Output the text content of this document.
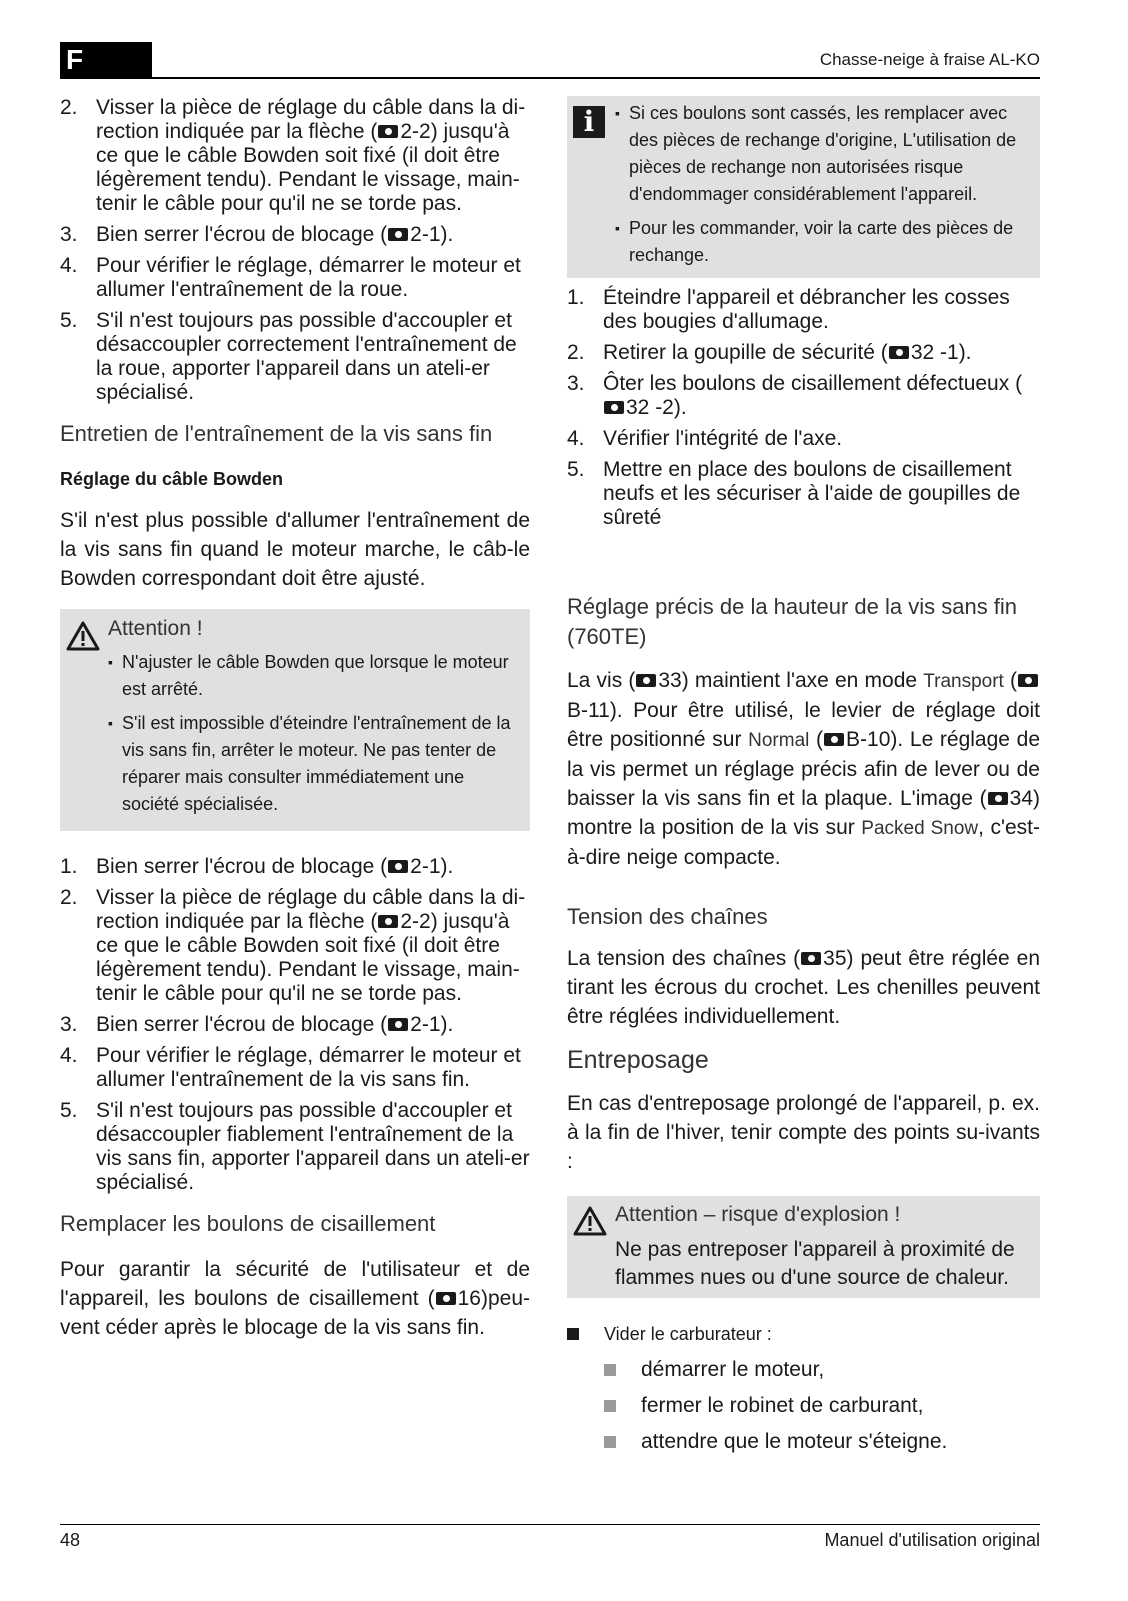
F	Chasse-neige à fraise AL-KO
2. Visser la pièce de réglage du câble dans la di-rection indiquée par la flèche ( 2-2) jusqu'à ce que le câble Bowden soit fixé (il doit être légèrement tendu). Pendant le vissage, main-tenir le câble pour qu'il ne se torde pas.
3. Bien serrer l'écrou de blocage ( 2-1).
4. Pour vérifier le réglage, démarrer le moteur et allumer l'entraînement de la roue.
5. S'il n'est toujours pas possible d'accoupler et désaccoupler correctement l'entraînement de la roue, apporter l'appareil dans un ateli-er spécialisé.

Entretien de l'entraînement de la vis sans fin

Réglage du câble Bowden

S'il n'est plus possible d'allumer l'entraînement de la vis sans fin quand le moteur marche, le câb-le Bowden correspondant doit être ajusté.

Attention !
▪ N'ajuster le câble Bowden que lorsque le moteur est arrêté.
▪ S'il est impossible d'éteindre l'entraînement de la vis sans fin, arrêter le moteur. Ne pas tenter de réparer mais consulter immédiatement une société spécialisée.
1. Bien serrer l'écrou de blocage ( 2-1).
2. Visser la pièce de réglage du câble dans la di-rection indiquée par la flèche ( 2-2) jusqu'à ce que le câble Bowden soit fixé (il doit être légèrement tendu). Pendant le vissage, main-tenir le câble pour qu'il ne se torde pas.
3. Bien serrer l'écrou de blocage ( 2-1).
4. Pour vérifier le réglage, démarrer le moteur et allumer l'entraînement de la vis sans fin.
5. S'il n'est toujours pas possible d'accoupler et désaccoupler fiablement l'entraînement de la vis sans fin, apporter l'appareil dans un ateli-er spécialisé.

Remplacer les boulons de cisaillement

Pour garantir la sécurité de l'utilisateur et de l'appareil, les boulons de cisaillement ( 16)peu-vent céder après le blocage de la vis sans fin.

i	▪ Si ces boulons sont cassés, les remplacer avec des pièces de rechange d'origine, L'utilisation de pièces de rechange non autorisées risque d'endommager considérablement l'appareil.
▪ Pour les commander, voir la carte des pièces de rechange.
1. Éteindre l'appareil et débrancher les cosses des bougies d'allumage.
2. Retirer la goupille de sécurité ( 32 -1).
3. Ôter les boulons de cisaillement défectueux (32 -2).
4. Vérifier l'intégrité de l'axe.
5. Mettre en place des boulons de cisaillement neufs et les sécuriser à l'aide de goupilles de sûreté

Réglage précis de la hauteur de la vis sans fin (760TE)

La vis ( 33) maintient l'axe en mode Transport (B-11). Pour être utilisé, le levier de réglage doit être positionné sur Normal ( B-10). Le réglage de la vis permet un réglage précis afin de lever ou de baisser la vis sans fin et la plaque. L'image ( 34) montre la position de la vis sur Packed Snow, c'est-à-dire neige compacte.

Tension des chaînes

La tension des chaînes ( 35) peut être réglée en tirant les écrous du crochet. Les chenilles peuvent être réglées individuellement.

Entreposage

En cas d'entreposage prolongé de l'appareil, p. ex. à la fin de l'hiver, tenir compte des points su-ivants :

Attention – risque d'explosion !
Ne pas entreposer l'appareil à proximité de flammes nues ou d'une source de chaleur.
Vider le carburateur :
démarrer le moteur,
fermer le robinet de carburant,
attendre que le moteur s'éteigne.
48	Manuel d'utilisation original
